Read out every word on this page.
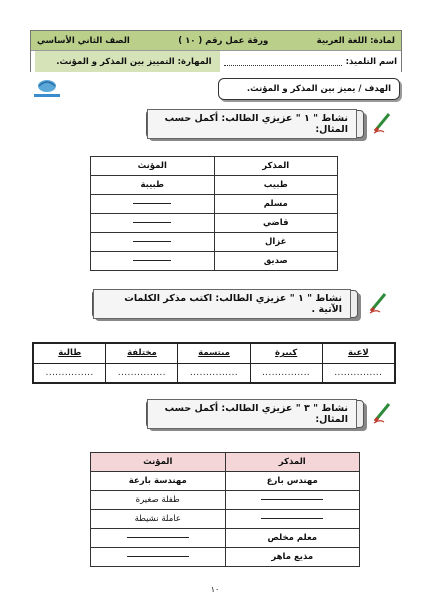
لمادة: اللغة العربية
ورقة عمل رقم ( ١٠ )
الصف الثاني الأساسي
اسم التلميذ:
المهارة: التمييز بين المذكر و المؤنث.
الهدف / يميز بين المذكر و المؤنث.
نشاط " ١ " عزيزي الطالب: أكمل حسب المثال:
المذكر	المؤنث
طبيب	طبيبة
مسلم	
قاضي	
غزال	
صديق	
نشاط " ١ " عزيزي الطالب: اكتب مذكر الكلمات الآتية .
لاعبة	كبيرة	مبتسمة	مختلفة	طالبة
...............	...............	...............	...............	...............
نشاط " ٣ " عزيزي الطالب: أكمل حسب المثال:
المذكر	المؤنث
مهندس بارع	مهندسة بارعة
	طفلة صغيرة
	عاملة نشيطة
معلم مخلص	
مذيع ماهر	
١٠
